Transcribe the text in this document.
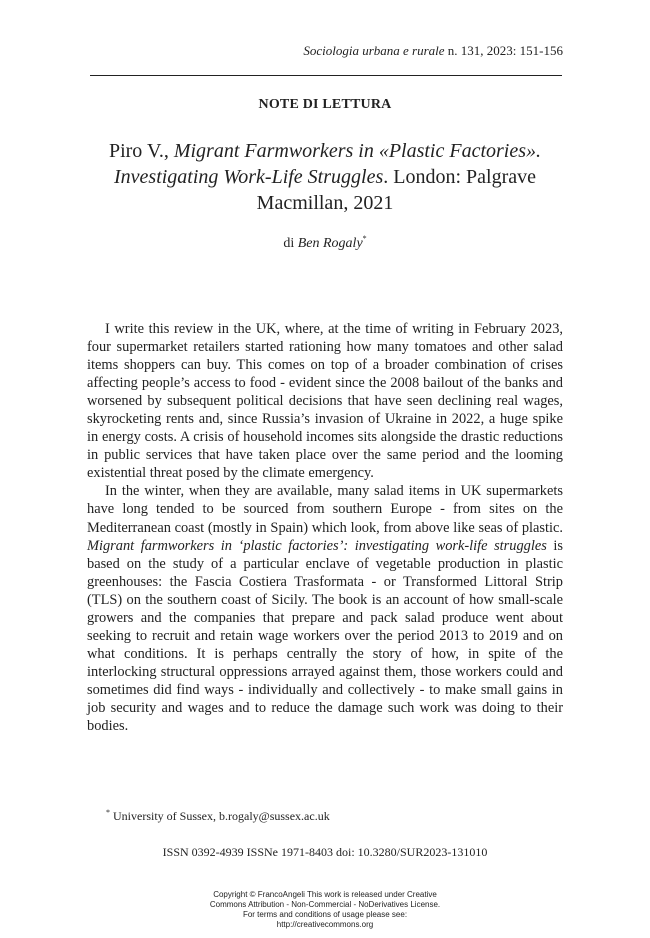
Sociologia urbana e rurale n. 131, 2023: 151-156
NOTE DI LETTURA
Piro V., Migrant Farmworkers in «Plastic Factories». Investigating Work-Life Struggles. London: Palgrave Macmillan, 2021
di Ben Rogaly*

I write this review in the UK, where, at the time of writing in February 2023, four supermarket retailers started rationing how many tomatoes and other salad items shoppers can buy. This comes on top of a broader combination of crises affecting people’s access to food - evident since the 2008 bailout of the banks and worsened by subsequent political decisions that have seen declining real wages, skyrocketing rents and, since Russia’s invasion of Ukraine in 2022, a huge spike in energy costs. A crisis of household incomes sits alongside the drastic reductions in public services that have taken place over the same period and the looming existential threat posed by the climate emergency.

In the winter, when they are available, many salad items in UK supermarkets have long tended to be sourced from southern Europe - from sites on the Mediterranean coast (mostly in Spain) which look, from above like seas of plastic. Migrant farmworkers in ‘plastic factories’: investigating work-life struggles is based on the study of a particular enclave of vegetable production in plastic greenhouses: the Fascia Costiera Trasformata - or Transformed Littoral Strip (TLS) on the southern coast of Sicily. The book is an account of how small-scale growers and the companies that prepare and pack salad produce went about seeking to recruit and retain wage workers over the period 2013 to 2019 and on what conditions. It is perhaps centrally the story of how, in spite of the interlocking structural oppressions arrayed against them, those workers could and sometimes did find ways - individually and collectively - to make small gains in job security and wages and to reduce the damage such work was doing to their bodies.

* University of Sussex, b.rogaly@sussex.ac.uk
ISSN 0392-4939 ISSNe 1971-8403 doi: 10.3280/SUR2023-131010
Copyright © FrancoAngeli This work is released under Creative
Commons Attribution - Non-Commercial - NoDerivatives License.
For terms and conditions of usage please see:
http://creativecommons.org
